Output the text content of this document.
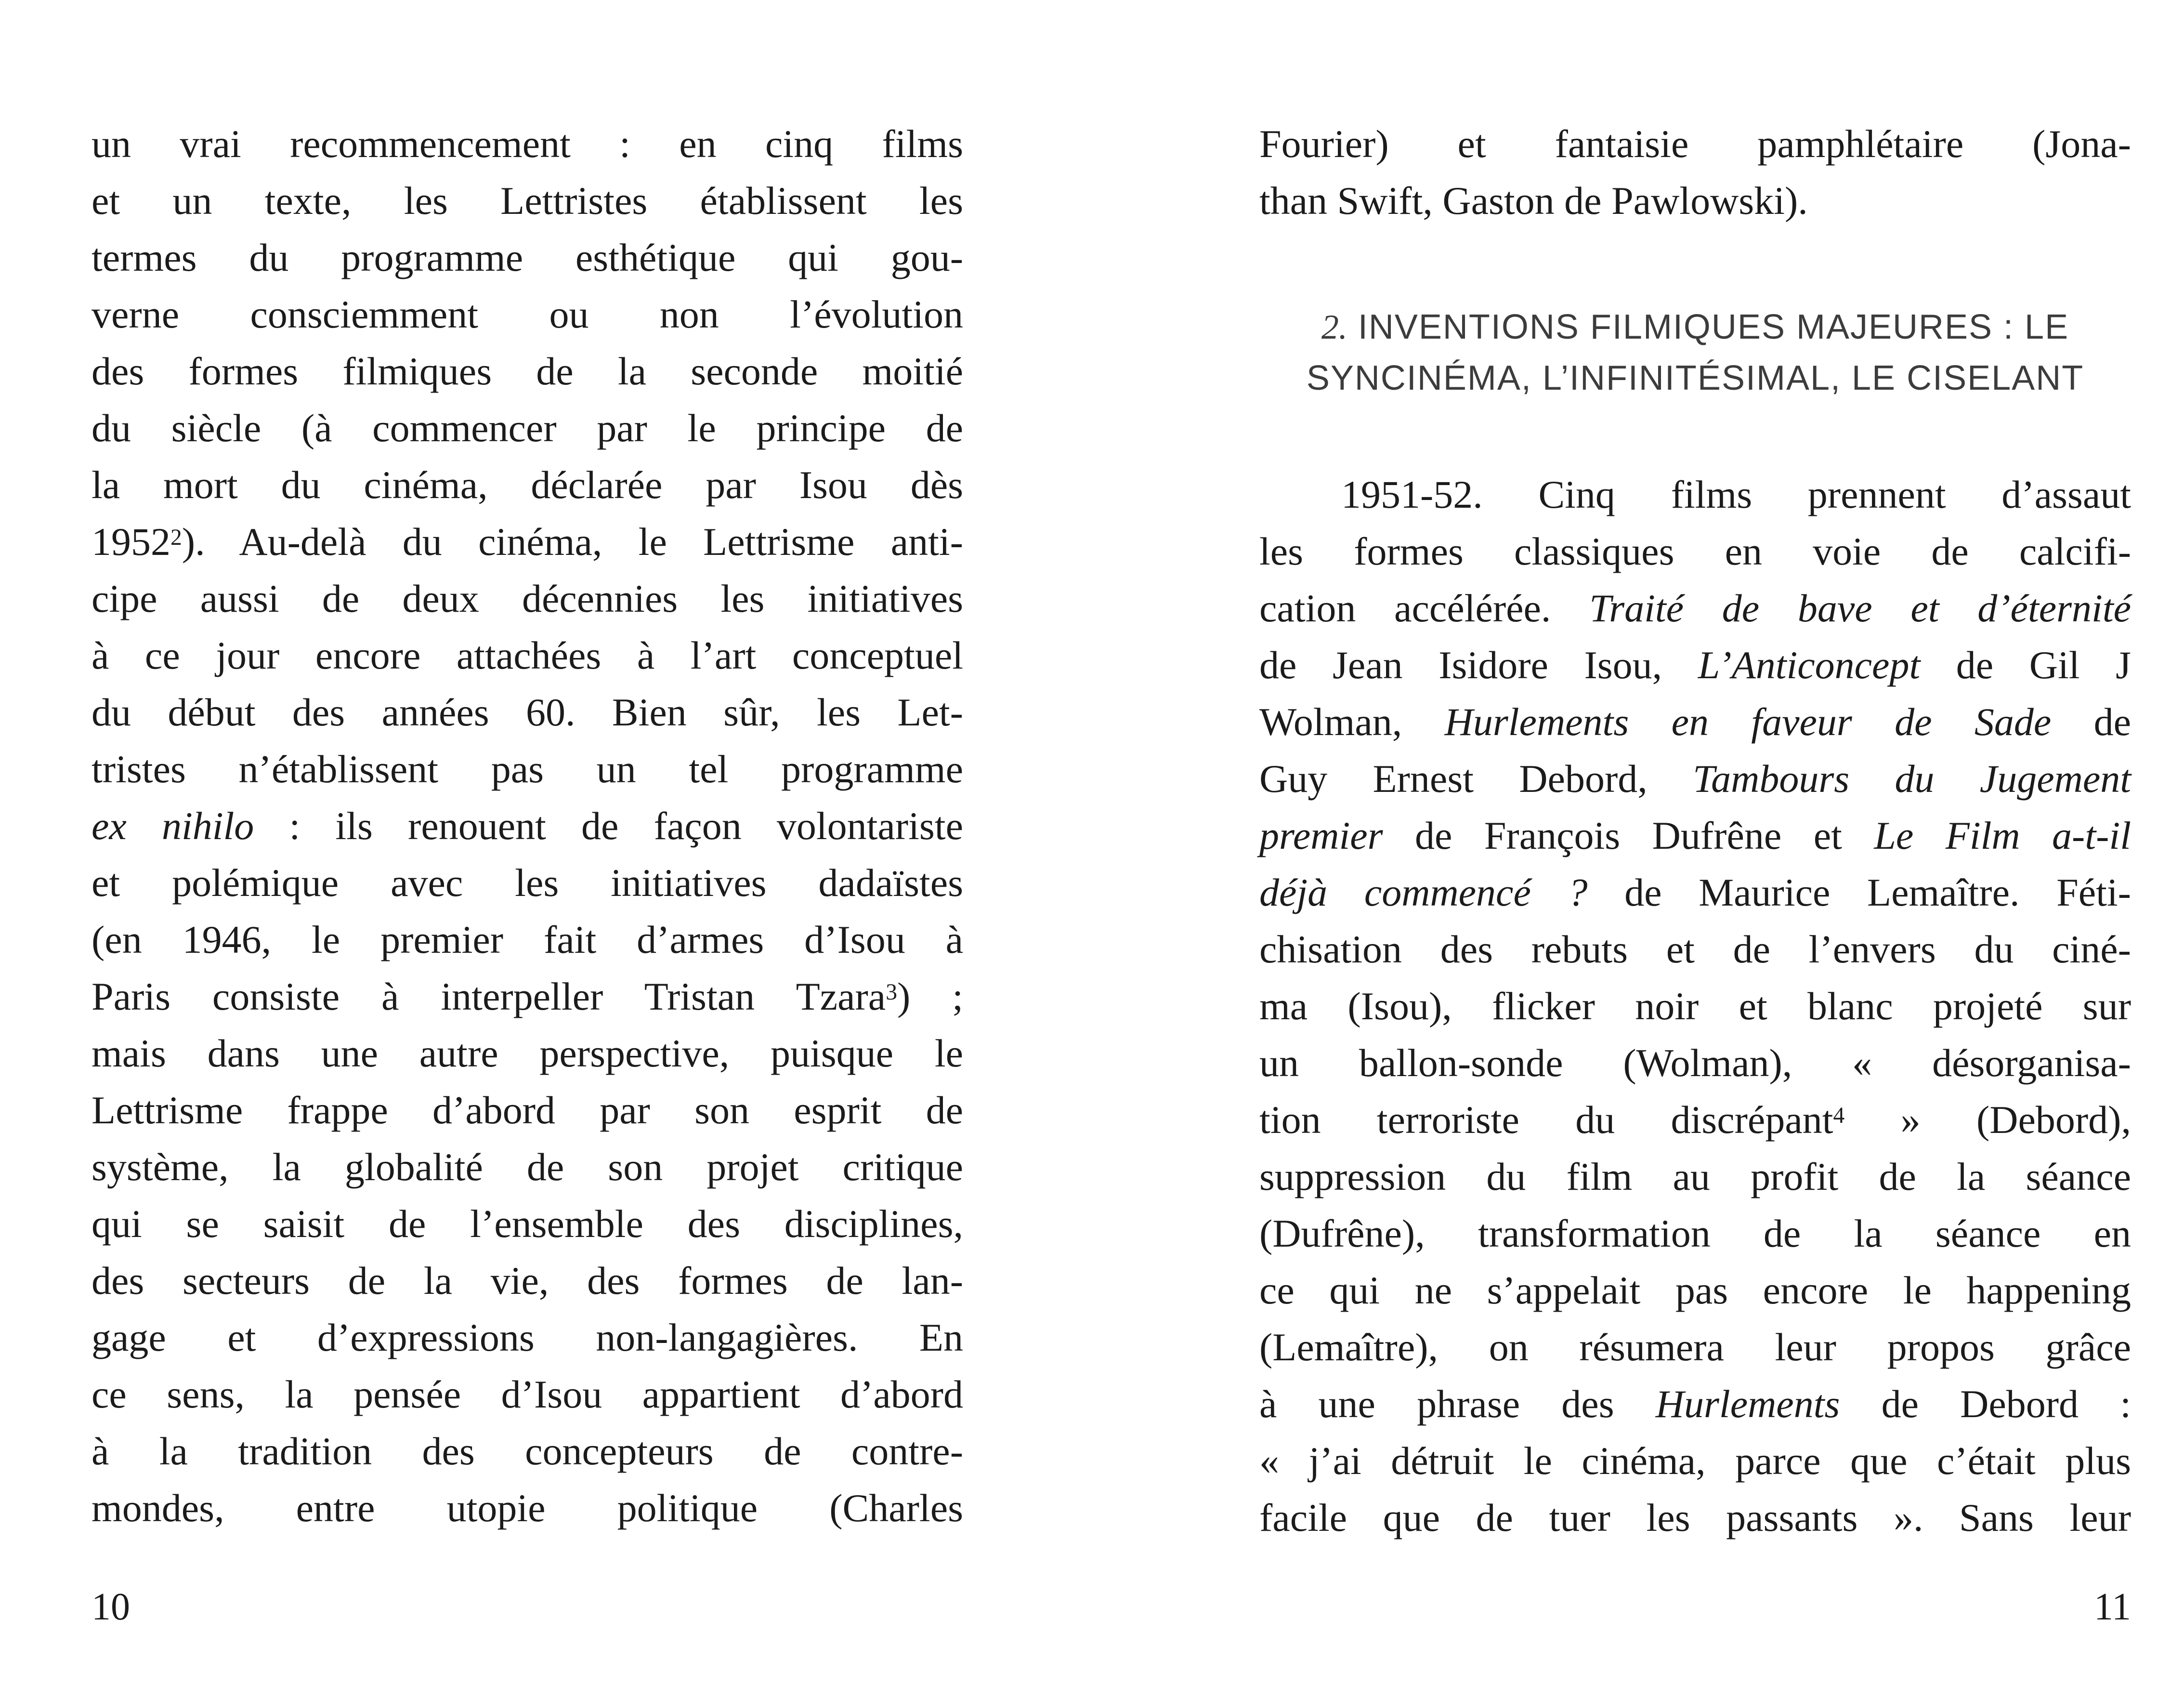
un vrai recommencement : en cinq films
et un texte, les Lettristes établissent les
termes du programme esthétique qui gou-
verne consciemment ou non l’évolution
des formes filmiques de la seconde moitié
du siècle (à commencer par le principe de
la mort du cinéma, déclarée par Isou dès
1952$^2$). Au-delà du cinéma, le Lettrisme anti-
cipe aussi de deux décennies les initiatives
à ce jour encore attachées à l’art conceptuel
du début des années 60. Bien sûr, les Let-
tristes n’établissent pas un tel programme
ex nihilo : ils renouent de façon volontariste
et polémique avec les initiatives dadaïstes
(en 1946, le premier fait d’armes d’Isou à
Paris consiste à interpeller Tristan Tzara$^3$) ;
mais dans une autre perspective, puisque le
Lettrisme frappe d’abord par son esprit de
système, la globalité de son projet critique
qui se saisit de l’ensemble des disciplines,
des secteurs de la vie, des formes de lan-
gage et d’expressions non-langagières. En
ce sens, la pensée d’Isou appartient d’abord
à la tradition des concepteurs de contre-
mondes, entre utopie politique (Charles
10
Fourier) et fantaisie pamphlétaire (Jona-
than Swift, Gaston de Pawlowski).
2. INVENTIONS FILMIQUES MAJEURES : LE
SYNCINÉMA, L’INFINITÉSIMAL, LE CISELANT
1951-52. Cinq films prennent d’assaut
les formes classiques en voie de calcifi-
cation accélérée. Traité de bave et d’éternité
de Jean Isidore Isou, L’Anticoncept de Gil J
Wolman, Hurlements en faveur de Sade de
Guy Ernest Debord, Tambours du Jugement
premier de François Dufrêne et Le Film a-t-il
déjà commencé ? de Maurice Lemaître. Féti-
chisation des rebuts et de l’envers du ciné-
ma (Isou), flicker noir et blanc projeté sur
un ballon-sonde (Wolman), « désorganisa-
tion terroriste du discrépant$^4$ » (Debord),
suppression du film au profit de la séance
(Dufrêne), transformation de la séance en
ce qui ne s’appelait pas encore le happening
(Lemaître), on résumera leur propos grâce
à une phrase des Hurlements de Debord :
« j’ai détruit le cinéma, parce que c’était plus
facile que de tuer les passants ». Sans leur
11
